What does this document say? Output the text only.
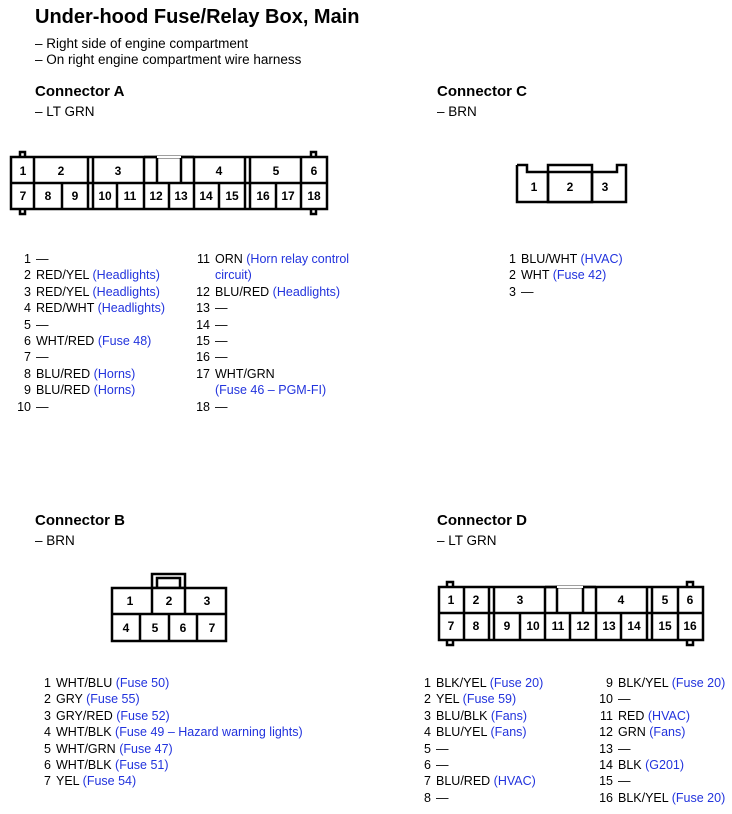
Under-hood Fuse/Relay Box, Main
– Right side of engine compartment
– On right engine compartment wire harness
Connector A
– LT GRN
Connector C
– BRN
Connector B
– BRN
Connector D
– LT GRN
1	2	3	4	5	6
7 8 9 10 11 12 13 14 15 16 17 18
1 2 3
1	2	3
4 5 6 7
1 2	3	4	5 6
7 8 9 10 11 12 13 14 15 16
1 —
2 RED/YEL (Headlights)
3 RED/YEL (Headlights)
4 RED/WHT (Headlights)
5 —
6 WHT/RED (Fuse 48)
7 —
8 BLU/RED (Horns)
9 BLU/RED (Horns)
10 —
11 ORN (Horn relay control
circuit)
12 BLU/RED (Headlights)
13 —
14 —
15 —
16 —
17 WHT/GRN
(Fuse 46 – PGM-FI)
18 —
1 BLU/WHT (HVAC)
2 WHT (Fuse 42)
3 —
1 WHT/BLU (Fuse 50)
2 GRY (Fuse 55)
3 GRY/RED (Fuse 52)
4 WHT/BLK (Fuse 49 – Hazard warning lights)
5 WHT/GRN (Fuse 47)
6 WHT/BLK (Fuse 51)
7 YEL (Fuse 54)
1 BLK/YEL (Fuse 20)
2 YEL (Fuse 59)
3 BLU/BLK (Fans)
4 BLU/YEL (Fans)
5 —
6 —
7 BLU/RED (HVAC)
8 —
9 BLK/YEL (Fuse 20)
10 —
11 RED (HVAC)
12 GRN (Fans)
13 —
14 BLK (G201)
15 —
16 BLK/YEL (Fuse 20)
